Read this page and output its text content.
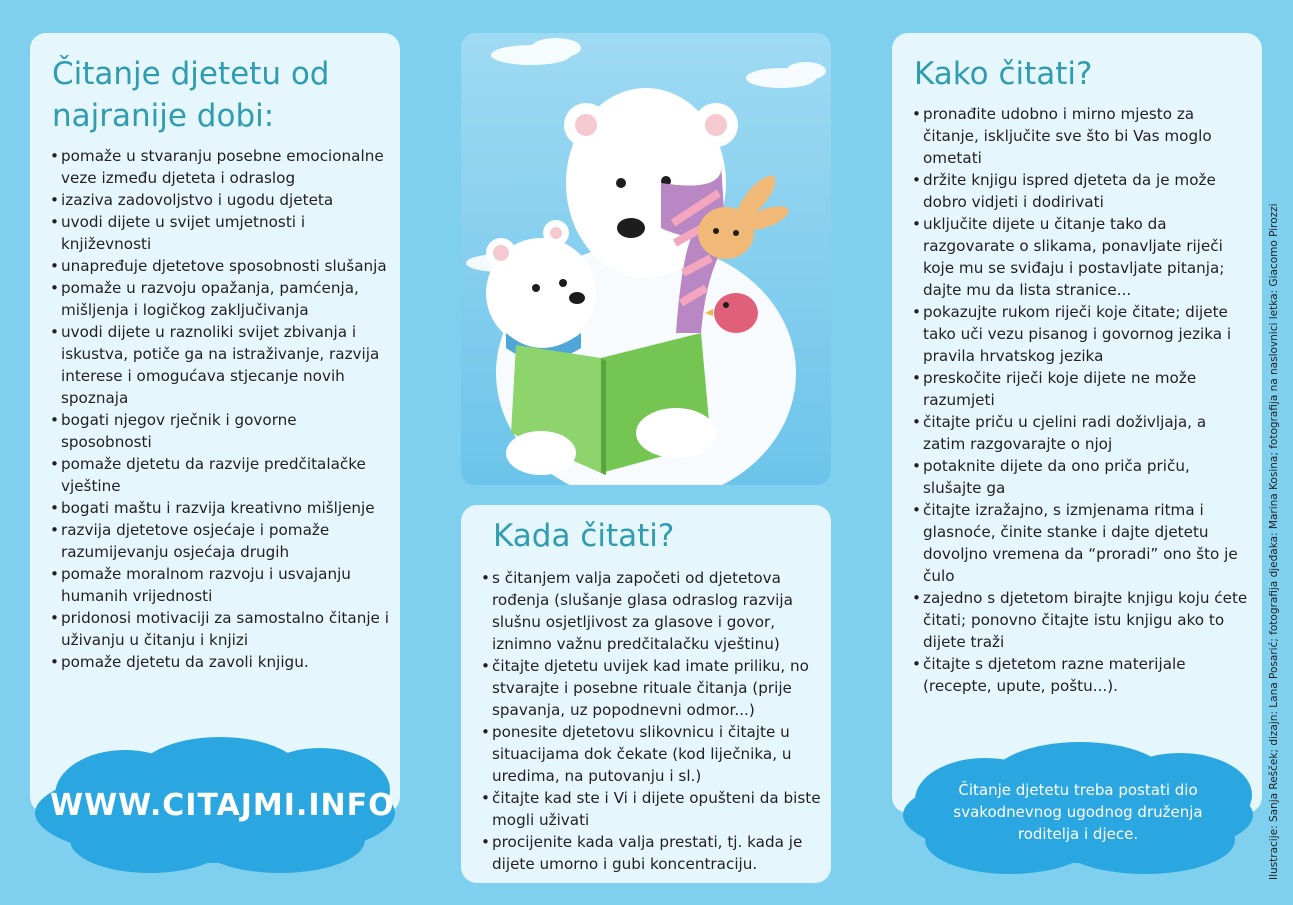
Čitanje djetetu od najranije dobi:
• pomaže u stvaranju posebne emocionalne veze između djeteta i odraslog
• izaziva zadovoljstvo i ugodu djeteta
• uvodi dijete u svijet umjetnosti i književnosti
• unapređuje djetetove sposobnosti slušanja
• pomaže u razvoju opažanja, pamćenja, mišljenja i logičkog zaključivanja
• uvodi dijete u raznoliki svijet zbivanja i iskustva, potiče ga na istraživanje, razvija interese i omogućava stjecanje novih spoznaja
• bogati njegov rječnik i govorne sposobnosti
• pomaže djetetu da razvije predčitalačke vještine
• bogati maštu i razvija kreativno mišljenje
• razvija djetetove osjećaje i pomaže razumijevanju osjećaja drugih
• pomaže moralnom razvoju i usvajanju humanih vrijednosti
• pridonosi motivaciji za samostalno čitanje i uživanju u čitanju i knjizi
• pomaže djetetu da zavoli knjigu.
WWW.CITAJMI.INFO
Kada čitati?
• s čitanjem valja započeti od djetetova rođenja (slušanje glasa odraslog razvija slušnu osjetljivost za glasove i govor, iznimno važnu predčitalačku vještinu)
• čitajte djetetu uvijek kad imate priliku, no stvarajte i posebne rituale čitanja (prije spavanja, uz popodnevni odmor...)
• ponesite djetetovu slikovnicu i čitajte u situacijama dok čekate (kod liječnika, u uredima, na putovanju i sl.)
• čitajte kad ste i Vi i dijete opušteni da biste mogli uživati
• procijenite kada valja prestati, tj. kada je dijete umorno i gubi koncentraciju.
Kako čitati?
• pronađite udobno i mirno mjesto za čitanje, isključite sve što bi Vas moglo ometati
• držite knjigu ispred djeteta da je može dobro vidjeti i dodirivati
• uključite dijete u čitanje tako da razgovarate o slikama, ponavljate riječi koje mu se sviđaju i postavljate pitanja; dajte mu da lista stranice...
• pokazujte rukom riječi koje čitate; dijete tako uči vezu pisanog i govornog jezika i pravila hrvatskog jezika
• preskočite riječi koje dijete ne može razumjeti
• čitajte priču u cjelini radi doživljaja, a zatim razgovarajte o njoj
• potaknite dijete da ono priča priču, slušajte ga
• čitajte izražajno, s izmjenama ritma i glasnoće, činite stanke i dajte djetetu dovoljno vremena da “proradi” ono što je čulo
• zajedno s djetetom birajte knjigu koju ćete čitati; ponovno čitajte istu knjigu ako to dijete traži
• čitajte s djetetom razne materijale (recepte, upute, poštu...).
Čitanje djetetu treba postati dio svakodnevnog ugodnog druženja roditelja i djece.	Ilustracije: Sanja Rešček; dizajn: Lana Posarić; fotografija djeđaka: Marina Kosina; fotografija na naslovnici letka: Giacomo Pirozzi
